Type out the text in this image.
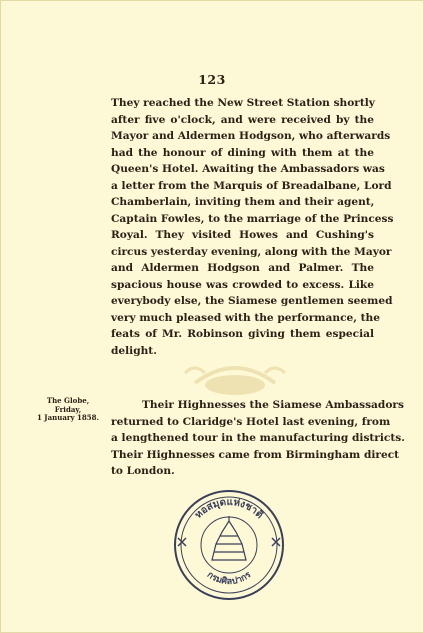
123
They reached the New Street Station shortly
after five o'clock, and were received by the
Mayor and Aldermen Hodgson, who afterwards
had the honour of dining with them at the
Queen's Hotel. Awaiting the Ambassadors was
a letter from the Marquis of Breadalbane, Lord
Chamberlain, inviting them and their agent,
Captain Fowles, to the marriage of the Princess
Royal. They visited Howes and Cushing's
circus yesterday evening, along with the Mayor
and Aldermen Hodgson and Palmer. The
spacious house was crowded to excess. Like
everybody else, the Siamese gentlemen seemed
very much pleased with the performance, the
feats of Mr. Robinson giving them especial
delight.
The Globe,
Friday,
1 January 1858.
Their Highnesses the Siamese Ambassadors
returned to Claridge's Hotel last evening, from
a lengthened tour in the manufacturing districts.
Their Highnesses came from Birmingham direct
to London.
หอสมุดแห่งชาติ
กรมศิลปากร
